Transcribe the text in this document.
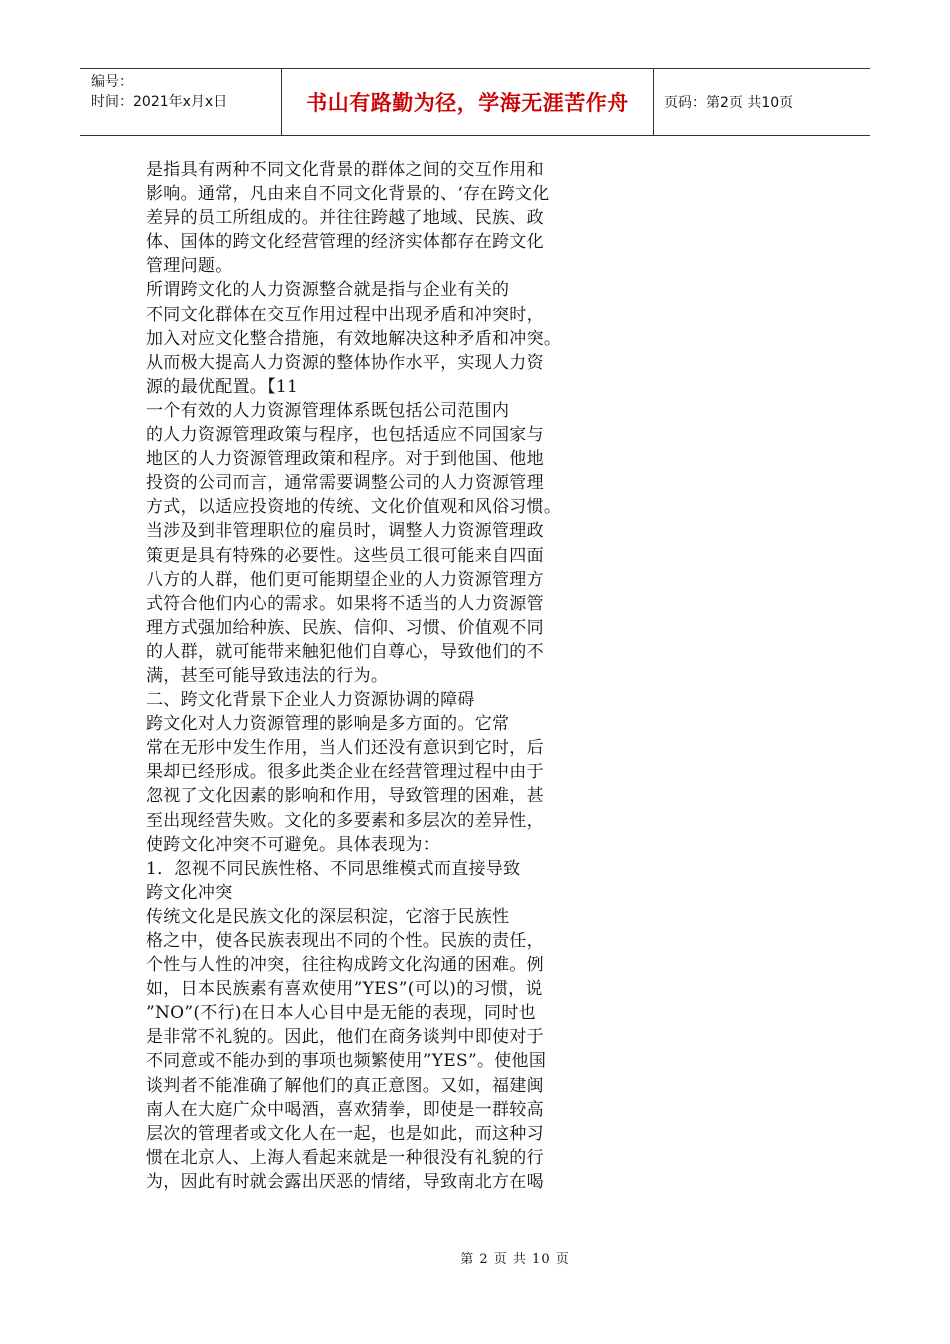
编号：
时间：2021年x月x日	书山有路勤为径，学海无涯苦作舟	页码：第2页 共10页
是指具有两种不同文化背景的群体之间的交互作用和
影响。通常，凡由来自不同文化背景的、‘存在跨文化
差异的员工所组成的。并往往跨越了地域、民族、政
体、国体的跨文化经营管理的经济实体都存在跨文化
管理问题。
所谓跨文化的人力资源整合就是指与企业有关的
不同文化群体在交互作用过程中出现矛盾和冲突时，
加入对应文化整合措施，有效地解决这种矛盾和冲突。
从而极大提高人力资源的整体协作水平，实现人力资
源的最优配置。【11
一个有效的人力资源管理体系既包括公司范围内
的人力资源管理政策与程序，也包括适应不同国家与
地区的人力资源管理政策和程序。对于到他国、他地
投资的公司而言，通常需要调整公司的人力资源管理
方式，以适应投资地的传统、文化价值观和风俗习惯。
当涉及到非管理职位的雇员时，调整人力资源管理政
策更是具有特殊的必要性。这些员工很可能来自四面
八方的人群，他们更可能期望企业的人力资源管理方
式符合他们内心的需求。如果将不适当的人力资源管
理方式强加给种族、民族、信仰、习惯、价值观不同
的人群，就可能带来触犯他们自尊心，导致他们的不
满，甚至可能导致违法的行为。
二、跨文化背景下企业人力资源协调的障碍
跨文化对人力资源管理的影响是多方面的。它常
常在无形中发生作用，当人们还没有意识到它时，后
果却已经形成。很多此类企业在经营管理过程中由于
忽视了文化因素的影响和作用，导致管理的困难，甚
至出现经营失败。文化的多要素和多层次的差异性，
使跨文化冲突不可避免。具体表现为：
1．忽视不同民族性格、不同思维模式而直接导致
跨文化冲突
传统文化是民族文化的深层积淀，它溶于民族性
格之中，使各民族表现出不同的个性。民族的责任，
个性与人性的冲突，往往构成跨文化沟通的困难。例
如，日本民族素有喜欢使用”YES”(可以)的习惯，说
”NO”(不行)在日本人心目中是无能的表现，同时也
是非常不礼貌的。因此，他们在商务谈判中即使对于
不同意或不能办到的事项也频繁使用”YES”。使他国
谈判者不能准确了解他们的真正意图。又如，福建闽
南人在大庭广众中喝酒，喜欢猜拳，即使是一群较高
层次的管理者或文化人在一起，也是如此，而这种习
惯在北京人、上海人看起来就是一种很没有礼貌的行
为，因此有时就会露出厌恶的情绪，导致南北方在喝
第 2 页 共 10 页
